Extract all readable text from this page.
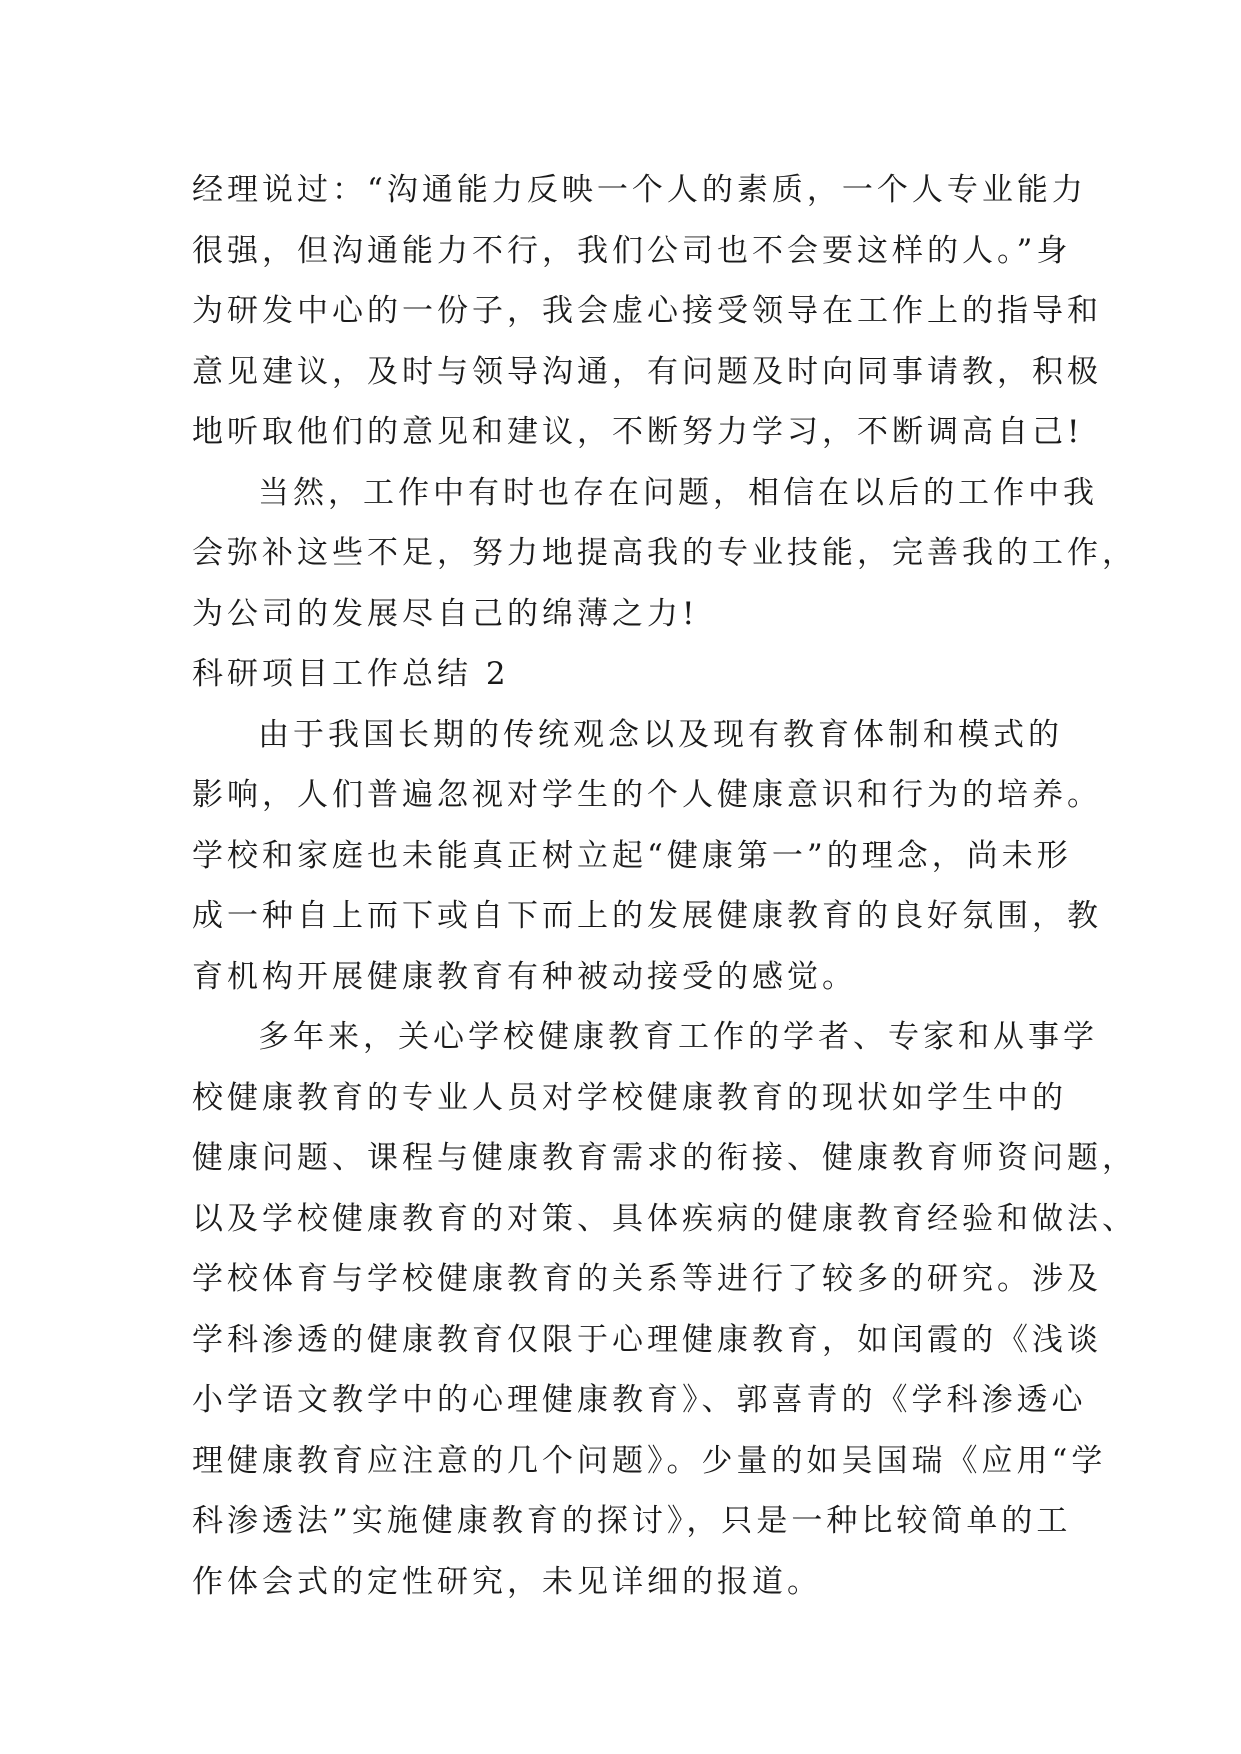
经理说过：“沟通能力反映一个人的素质，一个人专业能力
很强，但沟通能力不行，我们公司也不会要这样的人。”身
为研发中心的一份子，我会虚心接受领导在工作上的指导和
意见建议，及时与领导沟通，有问题及时向同事请教，积极
地听取他们的意见和建议，不断努力学习，不断调高自己!
当然，工作中有时也存在问题，相信在以后的工作中我
会弥补这些不足，努力地提高我的专业技能，完善我的工作，
为公司的发展尽自己的绵薄之力!
科研项目工作总结 2
由于我国长期的传统观念以及现有教育体制和模式的
影响，人们普遍忽视对学生的个人健康意识和行为的培养。
学校和家庭也未能真正树立起“健康第一”的理念，尚未形
成一种自上而下或自下而上的发展健康教育的良好氛围，教
育机构开展健康教育有种被动接受的感觉。
多年来，关心学校健康教育工作的学者、专家和从事学
校健康教育的专业人员对学校健康教育的现状如学生中的
健康问题、课程与健康教育需求的衔接、健康教育师资问题，
以及学校健康教育的对策、具体疾病的健康教育经验和做法、
学校体育与学校健康教育的关系等进行了较多的研究。涉及
学科渗透的健康教育仅限于心理健康教育，如闰霞的《浅谈
小学语文教学中的心理健康教育》、郭喜青的《学科渗透心
理健康教育应注意的几个问题》。少量的如吴国瑞《应用“学
科渗透法”实施健康教育的探讨》，只是一种比较简单的工
作体会式的定性研究，未见详细的报道。
